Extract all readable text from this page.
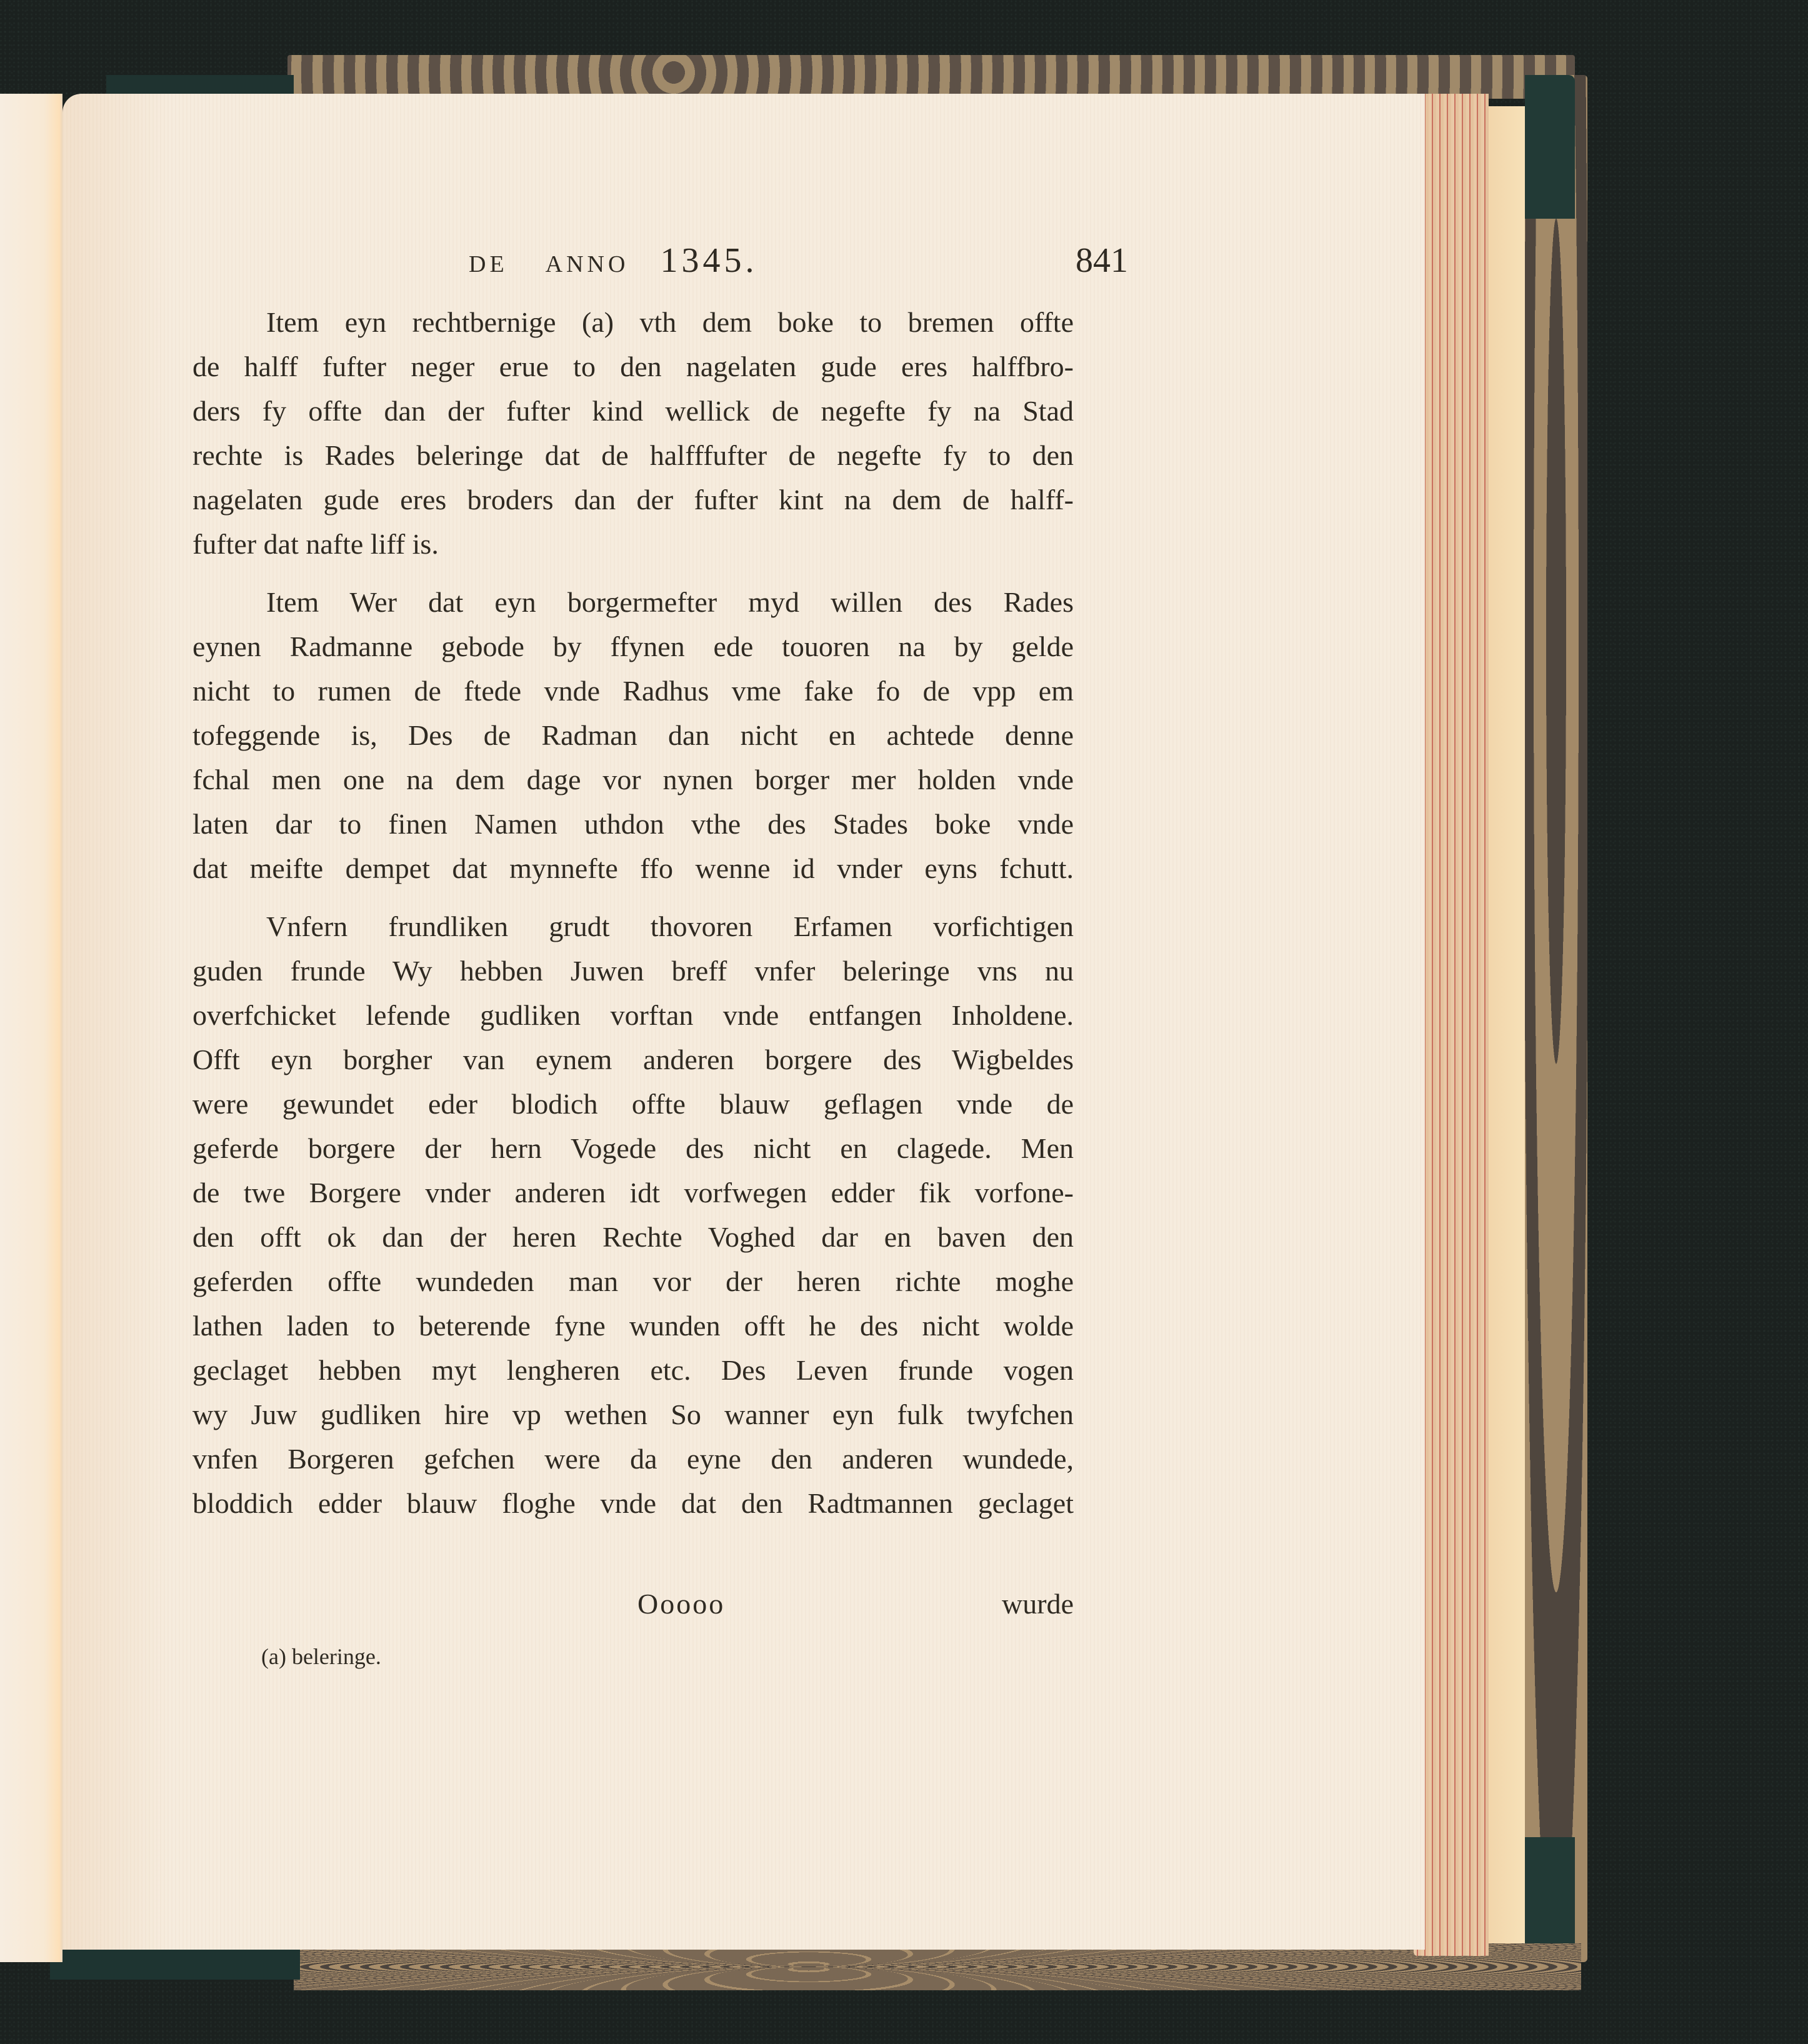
DE ANNO 1345.	841
Item eyn rechtbernige (a) vth dem boke to bremen offte
de halff fufter neger erue to den nagelaten gude eres halffbro-
ders fy offte dan der fufter kind wellick de negefte fy na Stad
rechte is Rades beleringe dat de halfffufter de negefte fy to den
nagelaten gude eres broders dan der fufter kint na dem de halff-
fufter dat nafte liff is.
Item Wer dat eyn borgermefter myd willen des Rades
eynen Radmanne gebode by ffynen ede touoren na by gelde
nicht to rumen de ftede vnde Radhus vme fake fo de vpp em
tofeggende is, Des de Radman dan nicht en achtede denne
fchal men one na dem dage vor nynen borger mer holden vnde
laten dar to finen Namen uthdon vthe des Stades boke vnde
dat meifte dempet dat mynnefte ffo wenne id vnder eyns fchutt.
Vnfern frundliken grudt thovoren Erfamen vorfichtigen
guden frunde Wy hebben Juwen breff vnfer beleringe vns nu
overfchicket lefende gudliken vorftan vnde entfangen Inholdene.
Offt eyn borgher van eynem anderen borgere des Wigbeldes
were gewundet eder blodich offte blauw geflagen vnde de
geferde borgere der hern Vogede des nicht en clagede. Men
de twe Borgere vnder anderen idt vorfwegen edder fik vorfone-
den offt ok dan der heren Rechte Voghed dar en baven den
geferden offte wundeden man vor der heren richte moghe
lathen laden to beterende fyne wunden offt he des nicht wolde
geclaget hebben myt lengheren etc. Des Leven frunde vogen
wy Juw gudliken hire vp wethen So wanner eyn fulk twyfchen
vnfen Borgeren gefchen were da eyne den anderen wundede,
bloddich edder blauw floghe vnde dat den Radtmannen geclaget
Ooooo	wurde
(a) beleringe.
